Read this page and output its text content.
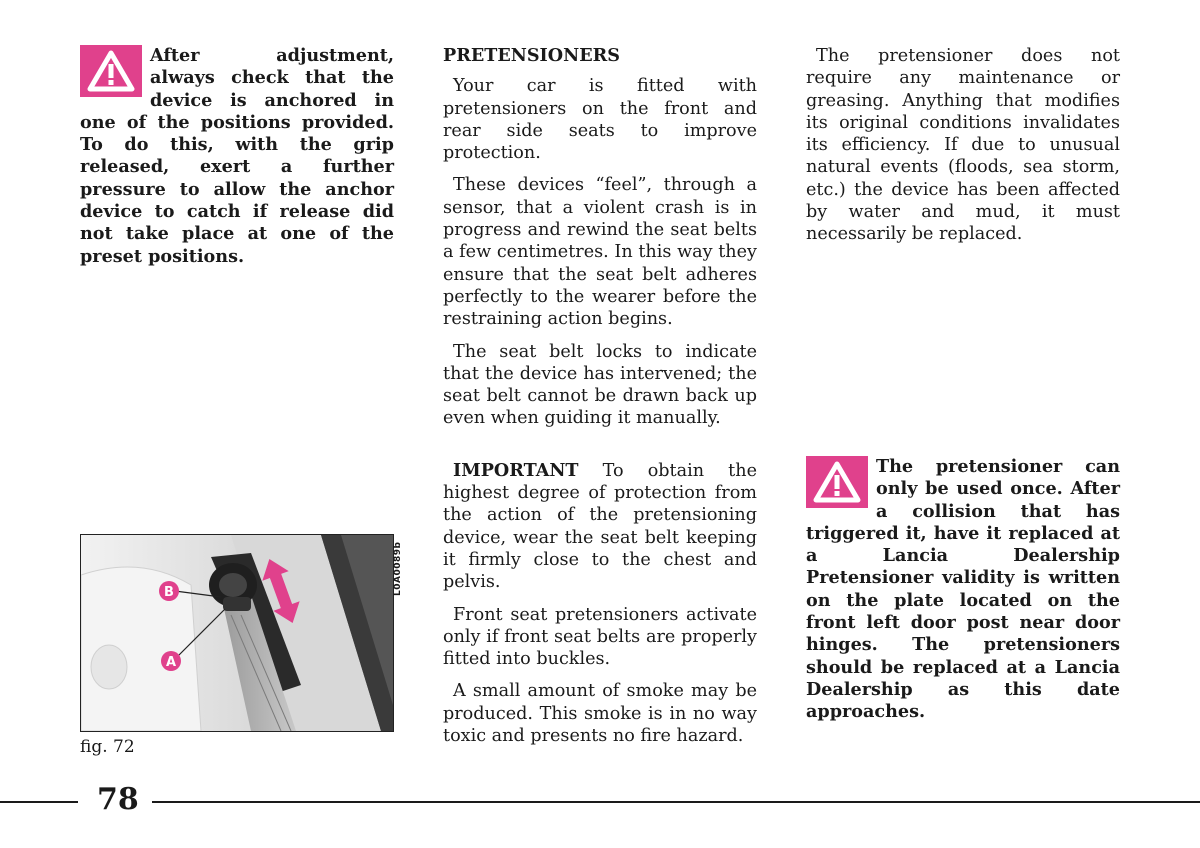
After adjustment, always check that the device is anchored in one of the positions provided. To do this, with the grip released, exert a further pressure to allow the anchor device to catch if release did not take place at one of the preset positions.

PRETENSIONERS

Your car is fitted with pretensioners on the front and rear side seats to improve protection.

These devices “feel”, through a sensor, that a violent crash is in progress and rewind the seat belts a few centimetres. In this way they ensure that the seat belt adheres perfectly to the wearer before the restraining action begins.

The seat belt locks to indicate that the device has intervened; the seat belt cannot be drawn back up even when guiding it manually.

IMPORTANT To obtain the highest degree of protection from the action of the pretensioning device, wear the seat belt keeping it firmly close to the chest and pelvis.

Front seat pretensioners activate only if front seat belts are properly fitted into buckles.

A small amount of smoke may be produced. This smoke is in no way toxic and presents no fire hazard.

The pretensioner does not require any maintenance or greasing. Anything that modifies its original conditions invalidates its efficiency. If due to unusual natural events (floods, sea storm, etc.) the device has been affected by water and mud, it must necessarily be replaced.

The pretensioner can only be used once. After a collision that has triggered it, have it replaced at a Lancia Dealership Pretensioner validity is written on the plate located on the front left door post near door hinges. The pretensioners should be replaced at a Lancia Dealership as this date approaches.

B
A
L0A0089b
fig. 72
78
